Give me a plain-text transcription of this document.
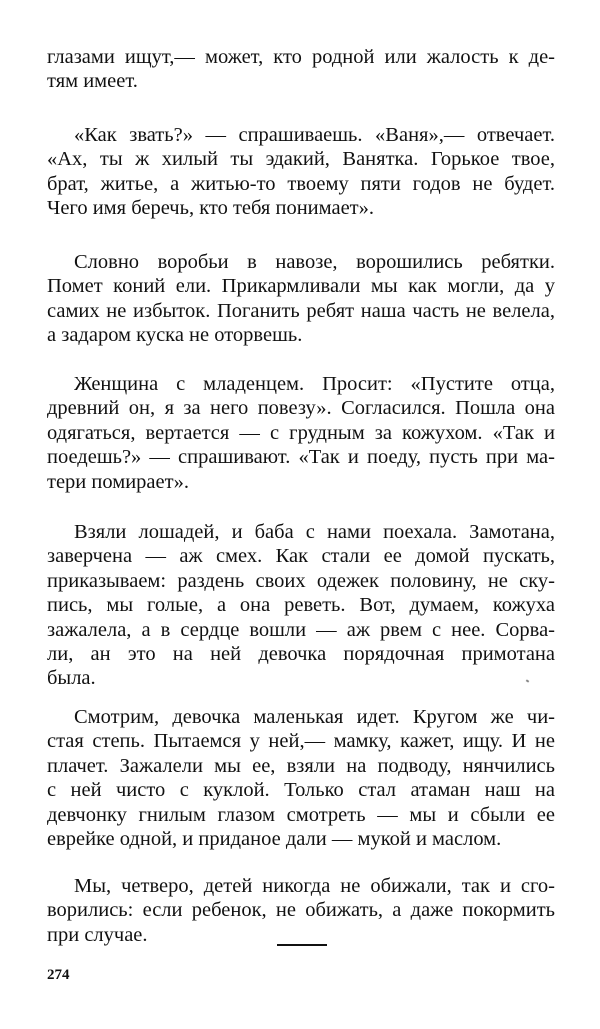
глазами ищут,— может, кто родной или жалость к де-
тям имеет.

«Как звать?» — спрашиваешь. «Ваня»,— отвечает.
«Ах, ты ж хилый ты эдакий, Ванятка. Горькое твое,
брат, житье, а житью-то твоему пяти годов не будет.
Чего имя беречь, кто тебя понимает».

Словно воробьи в навозе, ворошились ребятки.
Помет коний ели. Прикармливали мы как могли, да у
самих не избыток. Поганить ребят наша часть не велела,
а задаром куска не оторвешь.

Женщина с младенцем. Просит: «Пустите отца,
древний он, я за него повезу». Согласился. Пошла она
одягаться, вертается — с грудным за кожухом. «Так и
поедешь?» — спрашивают. «Так и поеду, пусть при ма-
тери помирает».

Взяли лошадей, и баба с нами поехала. Замотана,
заверчена — аж смех. Как стали ее домой пускать,
приказываем: раздень своих одежек половину, не ску-
пись, мы голые, а она реветь. Вот, думаем, кожуха
зажалела, а в сердце вошли — аж рвем с нее. Сорва-
ли, ан это на ней девочка порядочная примотана
была.

Смотрим, девочка маленькая идет. Кругом же чи-
стая степь. Пытаемся у ней,— мамку, кажет, ищу. И не
плачет. Зажалели мы ее, взяли на подводу, нянчились
с ней чисто с куклой. Только стал атаман наш на
девчонку гнилым глазом смотреть — мы и сбыли ее
еврейке одной, и приданое дали — мукой и маслом.

Мы, четверо, детей никогда не обижали, так и сго-
ворились: если ребенок, не обижать, а даже покормить
при случае.

274
